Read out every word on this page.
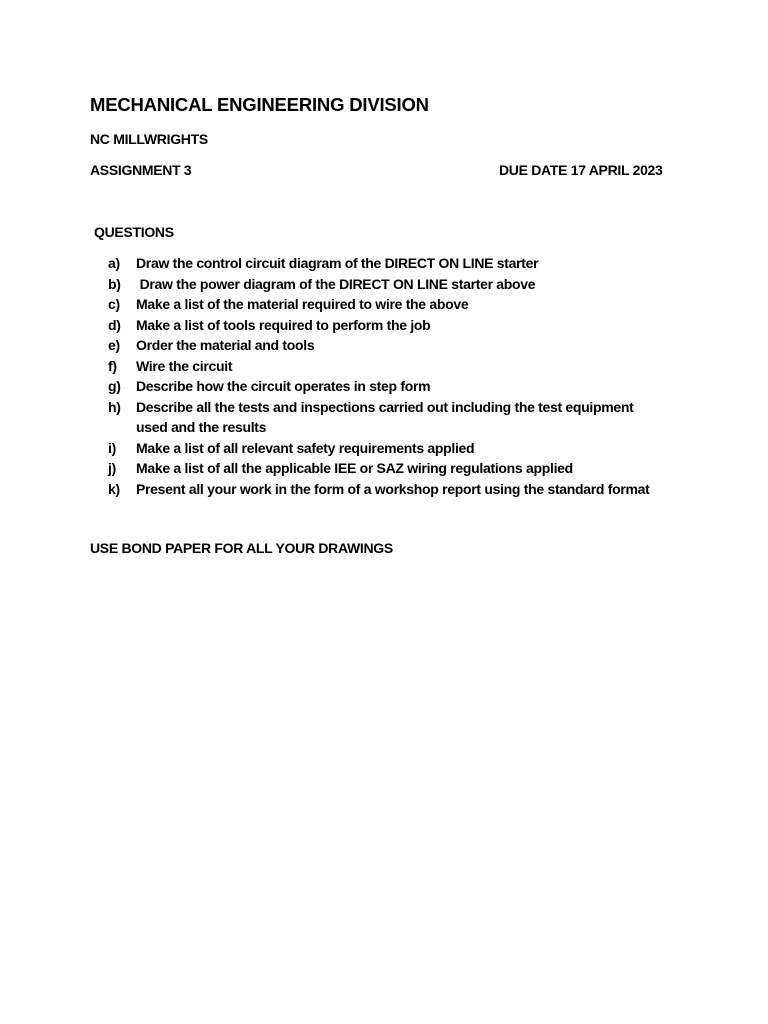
MECHANICAL ENGINEERING DIVISION
NC MILLWRIGHTS
ASSIGNMENT 3	DUE DATE 17 APRIL 2023
QUESTIONS
a)	Draw the control circuit diagram of the DIRECT ON LINE starter
b)	Draw the power diagram of the DIRECT ON LINE starter above
c)	Make a list of the material required to wire the above
d)	Make a list of tools required to perform the job
e)	Order the material and tools
f)	Wire the circuit
g)	Describe how the circuit operates in step form
h)	Describe all the tests and inspections carried out including the test equipment used and the results
i)	Make a list of all relevant safety requirements applied
j)	Make a list of all the applicable IEE or SAZ wiring regulations applied
k)	Present all your work in the form of a workshop report using the standard format
USE BOND PAPER FOR ALL YOUR DRAWINGS
